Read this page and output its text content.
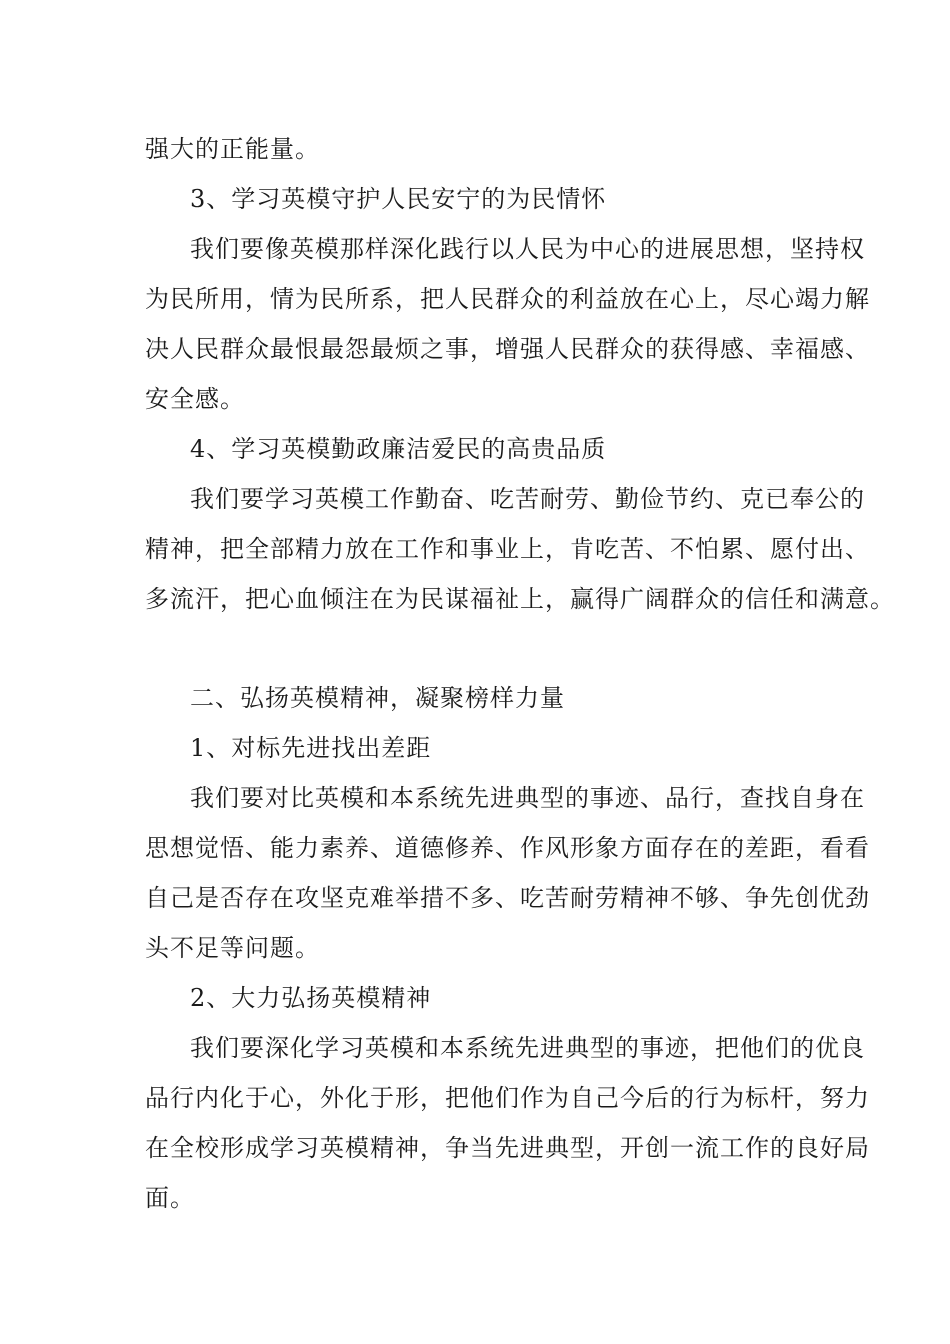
强大的正能量。
3、学习英模守护人民安宁的为民情怀
我们要像英模那样深化践行以人民为中心的进展思想，坚持权
为民所用，情为民所系，把人民群众的利益放在心上，尽心竭力解
决人民群众最恨最怨最烦之事，增强人民群众的获得感、幸福感、
安全感。
4、学习英模勤政廉洁爱民的高贵品质
我们要学习英模工作勤奋、吃苦耐劳、勤俭节约、克已奉公的
精神，把全部精力放在工作和事业上，肯吃苦、不怕累、愿付出、
多流汗，把心血倾注在为民谋福祉上，赢得广阔群众的信任和满意。
二、弘扬英模精神，凝聚榜样力量
1、对标先进找出差距
我们要对比英模和本系统先进典型的事迹、品行，查找自身在
思想觉悟、能力素养、道德修养、作风形象方面存在的差距，看看
自己是否存在攻坚克难举措不多、吃苦耐劳精神不够、争先创优劲
头不足等问题。
2、大力弘扬英模精神
我们要深化学习英模和本系统先进典型的事迹，把他们的优良
品行内化于心，外化于形，把他们作为自己今后的行为标杆，努力
在全校形成学习英模精神，争当先进典型，开创一流工作的良好局
面。
